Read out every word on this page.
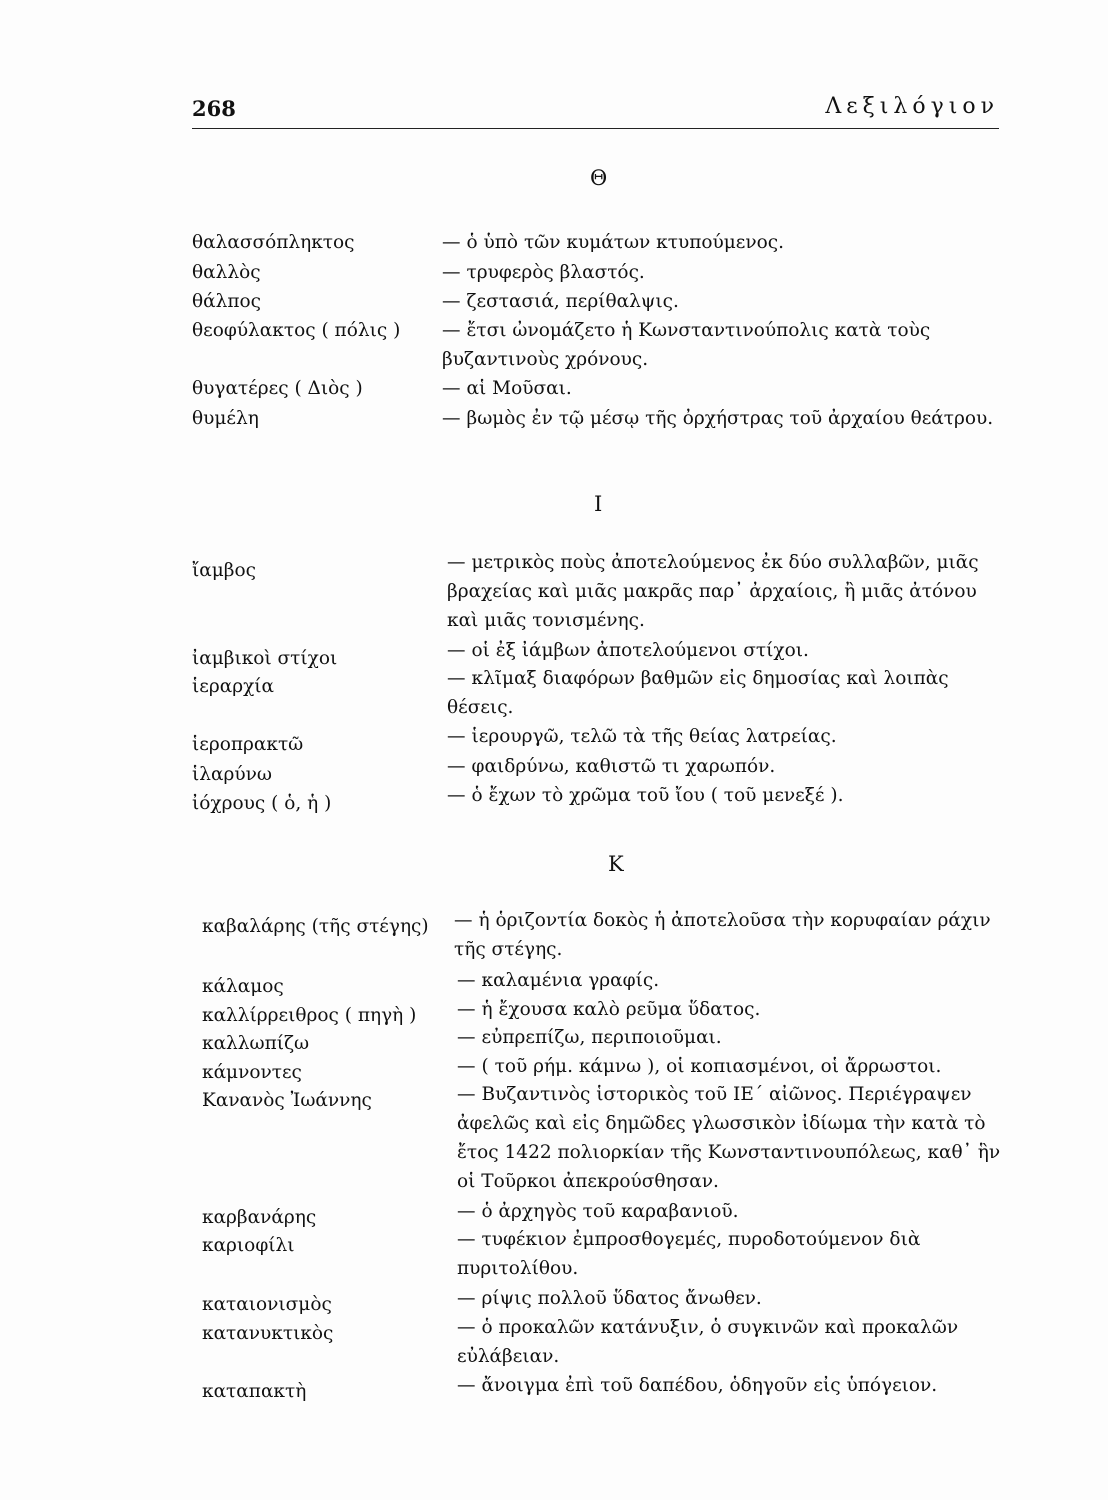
268	Λεξιλόγιον
Θ
θαλασσόπληκτος	— ὁ ὑπὸ τῶν κυμάτων κτυπούμενος.
θαλλὸς	— τρυφερὸς βλαστός.
θάλπος	— ζεστασιά, περίθαλψις.
θεοφύλακτος ( πόλις ) — ἔτσι ὠνομάζετο ἡ Κωνσταντινούπολις κατὰ τοὺς βυζαντινοὺς χρόνους.
θυγατέρες ( Διὸς )	— αἱ Μοῦσαι.
θυμέλη	— βωμὸς ἐν τῷ μέσῳ τῆς ὀρχήστρας τοῦ ἀρχαίου θεάτρου.
Ι
ἴαμβος	— μετρικὸς ποὺς ἀποτελούμενος ἐκ δύο συλλαβῶν, μιᾶς βραχείας καὶ μιᾶς μακρᾶς παρ᾽ ἀρχαίοις, ἢ μιᾶς ἀτόνου καὶ μιᾶς τονισμένης.
ἰαμβικοὶ στίχοι	— οἱ ἐξ ἰάμβων ἀποτελούμενοι στίχοι.
ἱεραρχία	— κλῖμαξ διαφόρων βαθμῶν εἰς δημοσίας καὶ λοιπὰς θέσεις.
ἱεροπρακτῶ	— ἱερουργῶ, τελῶ τὰ τῆς θείας λατρείας.
ἱλαρύνω	— φαιδρύνω, καθιστῶ τι χαρωπόν.
ἰόχρους ( ὁ, ἡ )	— ὁ ἔχων τὸ χρῶμα τοῦ ἴου ( τοῦ μενεξέ ).
Κ
καβαλάρης (τῆς στέγης) — ἡ ὁριζοντία δοκὸς ἡ ἀποτελοῦσα τὴν κορυφαίαν ράχιν τῆς στέγης.
κάλαμος	— καλαμένια γραφίς.
καλλίρρειθρος ( πηγὴ ) — ἡ ἔχουσα καλὸ ρεῦμα ὕδατος.
καλλωπίζω	— εὐπρεπίζω, περιποιοῦμαι.
κάμνοντες	— ( τοῦ ρήμ. κάμνω ), οἱ κοπιασμένοι, οἱ ἄρρωστοι.
Κανανὸς Ἰωάννης	— Βυζαντινὸς ἱστορικὸς τοῦ ΙΕ΄ αἰῶνος. Περιέγραψεν ἀφελῶς καὶ εἰς δημῶδες γλωσσικὸν ἰδίωμα τὴν κατὰ τὸ ἔτος 1422 πολιορκίαν τῆς Κωνσταντινουπόλεως, καθ᾽ ἣν οἱ Τοῦρκοι ἀπεκρούσθησαν.
καρβανάρης	— ὁ ἀρχηγὸς τοῦ καραβανιοῦ.
καριοφίλι	— τυφέκιον ἐμπροσθογεμές, πυροδοτούμενον διὰ πυριτολίθου.
καταιονισμὸς	— ρίψις πολλοῦ ὕδατος ἄνωθεν.
κατανυκτικὸς	— ὁ προκαλῶν κατάνυξιν, ὁ συγκινῶν καὶ προκαλῶν εὐλάβειαν.
καταπακτὴ	— ἄνοιγμα ἐπὶ τοῦ δαπέδου, ὁδηγοῦν εἰς ὑπόγειον.
